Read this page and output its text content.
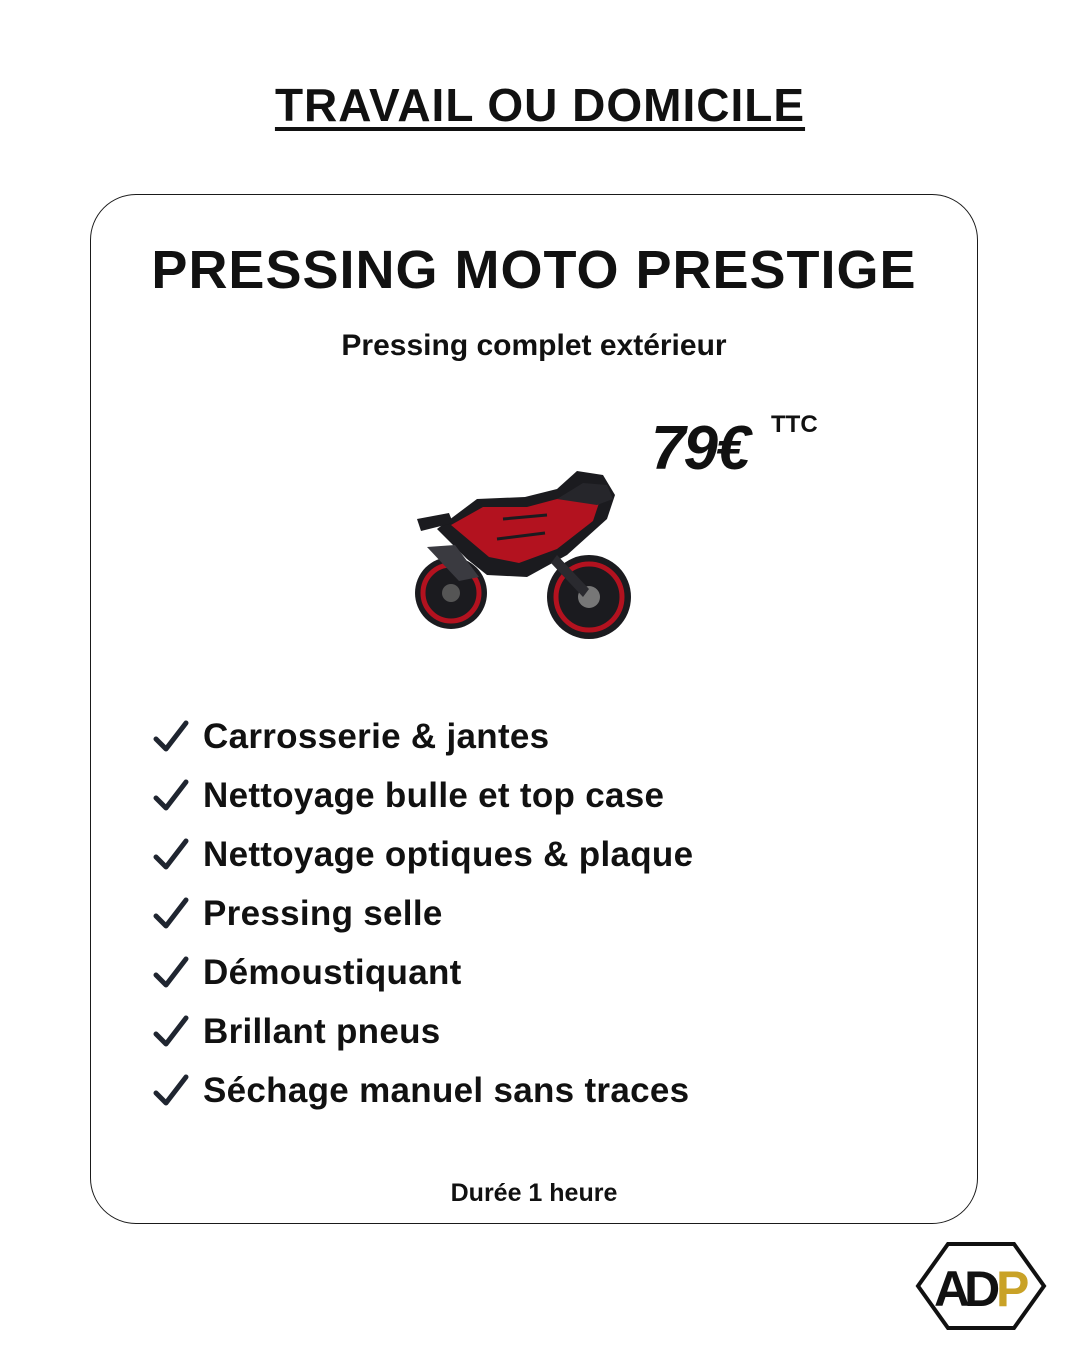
TRAVAIL OU DOMICILE
PRESSING MOTO PRESTIGE
Pressing complet extérieur
79€ TTC
Carrosserie & jantes
Nettoyage bulle et top case
Nettoyage optiques & plaque
Pressing selle
Démoustiquant
Brillant pneus
Séchage manuel sans traces
Durée 1 heure
AD P
